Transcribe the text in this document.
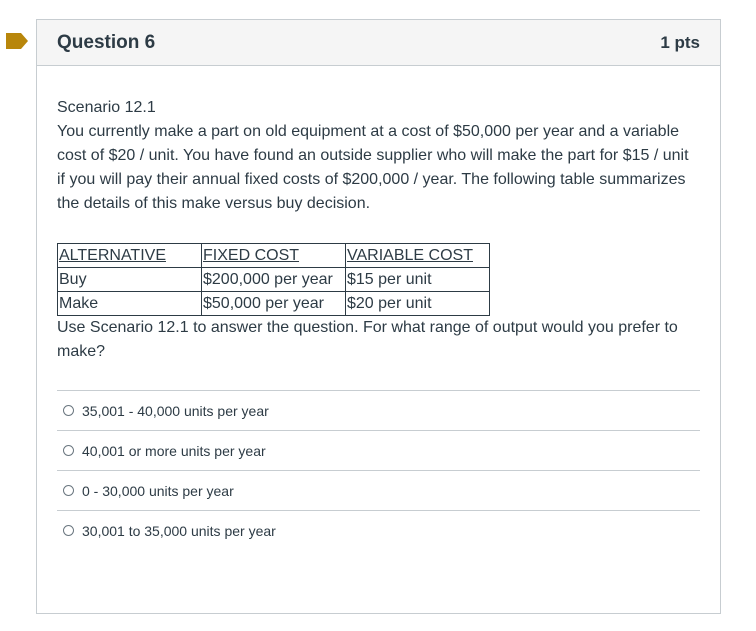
Question 6	1 pts

Scenario 12.1

You currently make a part on old equipment at a cost of $50,000 per year and a variable cost of $20 / unit. You have found an outside supplier who will make the part for $15 / unit if you will pay their annual fixed costs of $200,000 / year. The following table summarizes the details of this make versus buy decision.

ALTERNATIVE	FIXED COST	VARIABLE COST
Buy	$200,000 per year	$15 per unit
Make	$50,000 per year	$20 per unit

Use Scenario 12.1 to answer the question. For what range of output would you prefer to make?

35,001 - 40,000 units per year
40,001 or more units per year
0 - 30,000 units per year
30,001 to 35,000 units per year
